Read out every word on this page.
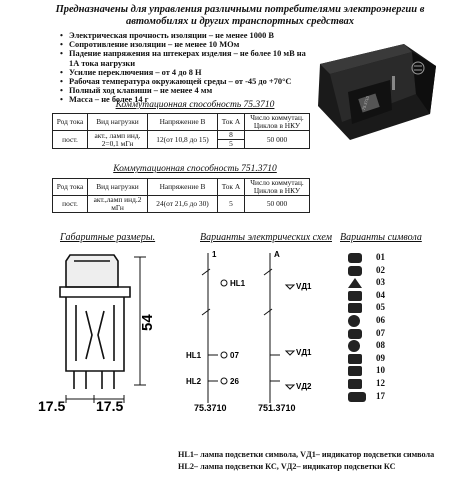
Предназначены для управления различными потребителями электроэнергии в автомобилях и других транспортных средствах
• Электрическая прочность изоляции – не менее 1000 В
• Сопротивление изоляции – не менее 10 МОм
• Падение напряжения на штекерах изделия – не более 10 мВ на 1А тока нагрузки
• Усилие переключения – от 4 до 8 Н
• Рабочая температура окружающей среды – от -45 до +70°С
• Полный ход клавиши – не менее 4 мм
• Масса – не более 14 г	75.3710
Коммутационная способность 75.3710
Род тока	Вид нагрузки	Напряжение В	Ток А	Число коммутац. Циклов в НКУ
пост.	акт., ламп инд. 2=0,1 мГн	12(от 10,8 до 15)	8	50 000
			5	
Коммутационная способность 751.3710
Род тока	Вид нагрузки	Напряжение В	Ток А	Число коммутац. Циклов в НКУ
пост.	акт.,ламп инд.2 мГн	24(от 21,6 до 30)	5	50 000
Габаритные размеры.	Варианты электрических схем Варианты символа
54
17.5 17.5
1	A
HL1
HL1
HL2
VД1
VД1
VД2
07
26
75.3710	751.3710
01
02
03
04
05
06
07
08
09
10
12
17
HL1– лампа подсветки символа, VД1– индикатор подсветки символа
HL2– лампа подсветки КС, VД2– индикатор подсветки КС
